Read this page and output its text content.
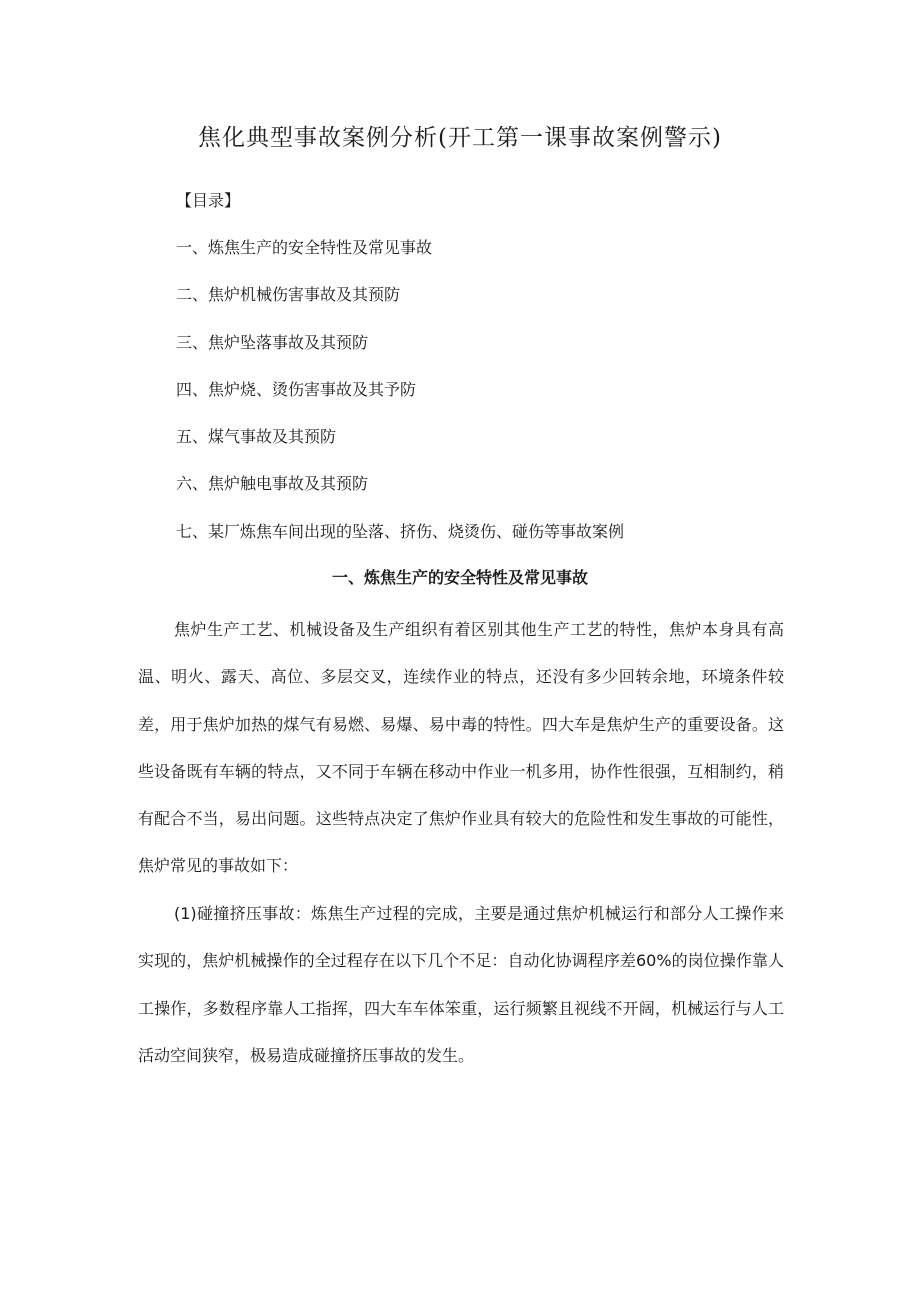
焦化典型事故案例分析(开工第一课事故案例警示)
【目录】
一、炼焦生产的安全特性及常见事故
二、焦炉机械伤害事故及其预防
三、焦炉坠落事故及其预防
四、焦炉烧、烫伤害事故及其予防
五、煤气事故及其预防
六、焦炉触电事故及其预防
七、某厂炼焦车间出现的坠落、挤伤、烧烫伤、碰伤等事故案例
一、炼焦生产的安全特性及常见事故

焦炉生产工艺、机械设备及生产组织有着区别其他生产工艺的特性，焦炉本身具有高温、明火、露天、高位、多层交叉，连续作业的特点，还没有多少回转余地，环境条件较差，用于焦炉加热的煤气有易燃、易爆、易中毒的特性。四大车是焦炉生产的重要设备。这些设备既有车辆的特点，又不同于车辆在移动中作业一机多用，协作性很强，互相制约，稍有配合不当，易出问题。这些特点决定了焦炉作业具有较大的危险性和发生事故的可能性，焦炉常见的事故如下：

(1)碰撞挤压事故：炼焦生产过程的完成，主要是通过焦炉机械运行和部分人工操作来实现的，焦炉机械操作的全过程存在以下几个不足：自动化协调程序差60%的岗位操作靠人工操作，多数程序靠人工指挥，四大车车体笨重，运行频繁且视线不开阔，机械运行与人工活动空间狭窄，极易造成碰撞挤压事故的发生。
